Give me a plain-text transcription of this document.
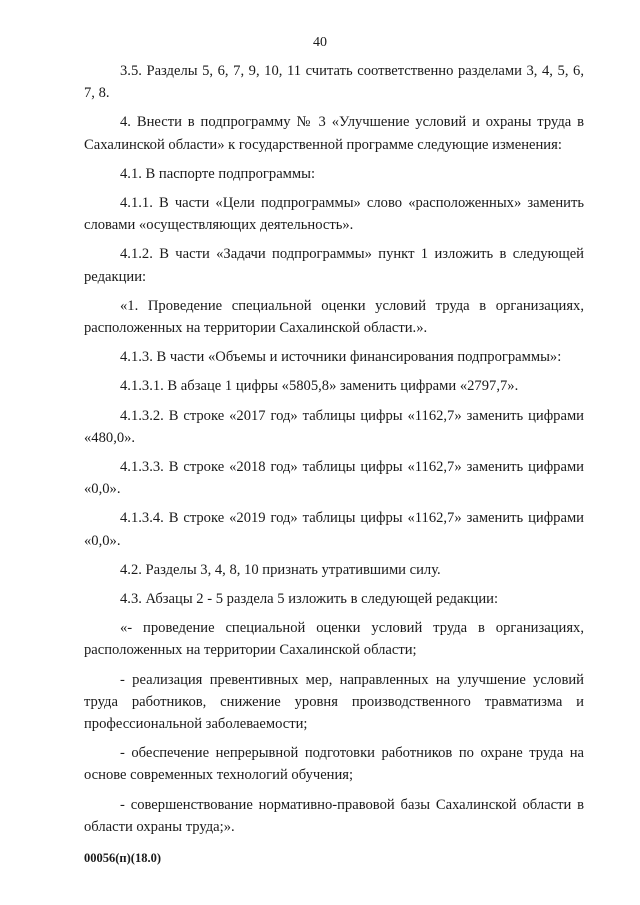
40

3.5. Разделы 5, 6, 7, 9, 10, 11 считать соответственно разделами 3, 4, 5, 6, 7, 8.

4. Внести в подпрограмму № 3 «Улучшение условий и охраны труда в Сахалинской области» к государственной программе следующие изменения:

4.1. В паспорте подпрограммы:

4.1.1. В части «Цели подпрограммы» слово «расположенных» заменить словами «осуществляющих деятельность».

4.1.2. В части «Задачи подпрограммы» пункт 1 изложить в следующей редакции:

«1. Проведение специальной оценки условий труда в организациях, расположенных на территории Сахалинской области.».

4.1.3. В части «Объемы и источники финансирования подпрограммы»:

4.1.3.1. В абзаце 1 цифры «5805,8» заменить цифрами «2797,7».

4.1.3.2. В строке «2017 год» таблицы цифры «1162,7» заменить цифрами «480,0».

4.1.3.3. В строке «2018 год» таблицы цифры «1162,7» заменить цифрами «0,0».

4.1.3.4. В строке «2019 год» таблицы цифры «1162,7» заменить цифрами «0,0».

4.2. Разделы 3, 4, 8, 10 признать утратившими силу.

4.3. Абзацы 2 - 5 раздела 5 изложить в следующей редакции:

«- проведение специальной оценки условий труда в организациях, расположенных на территории Сахалинской области;

- реализация превентивных мер, направленных на улучшение условий труда работников, снижение уровня производственного травматизма и профессиональной заболеваемости;

- обеспечение непрерывной подготовки работников по охране труда на основе современных технологий обучения;

- совершенствование нормативно-правовой базы Сахалинской области в области охраны труда;».

00056(п)(18.0)
